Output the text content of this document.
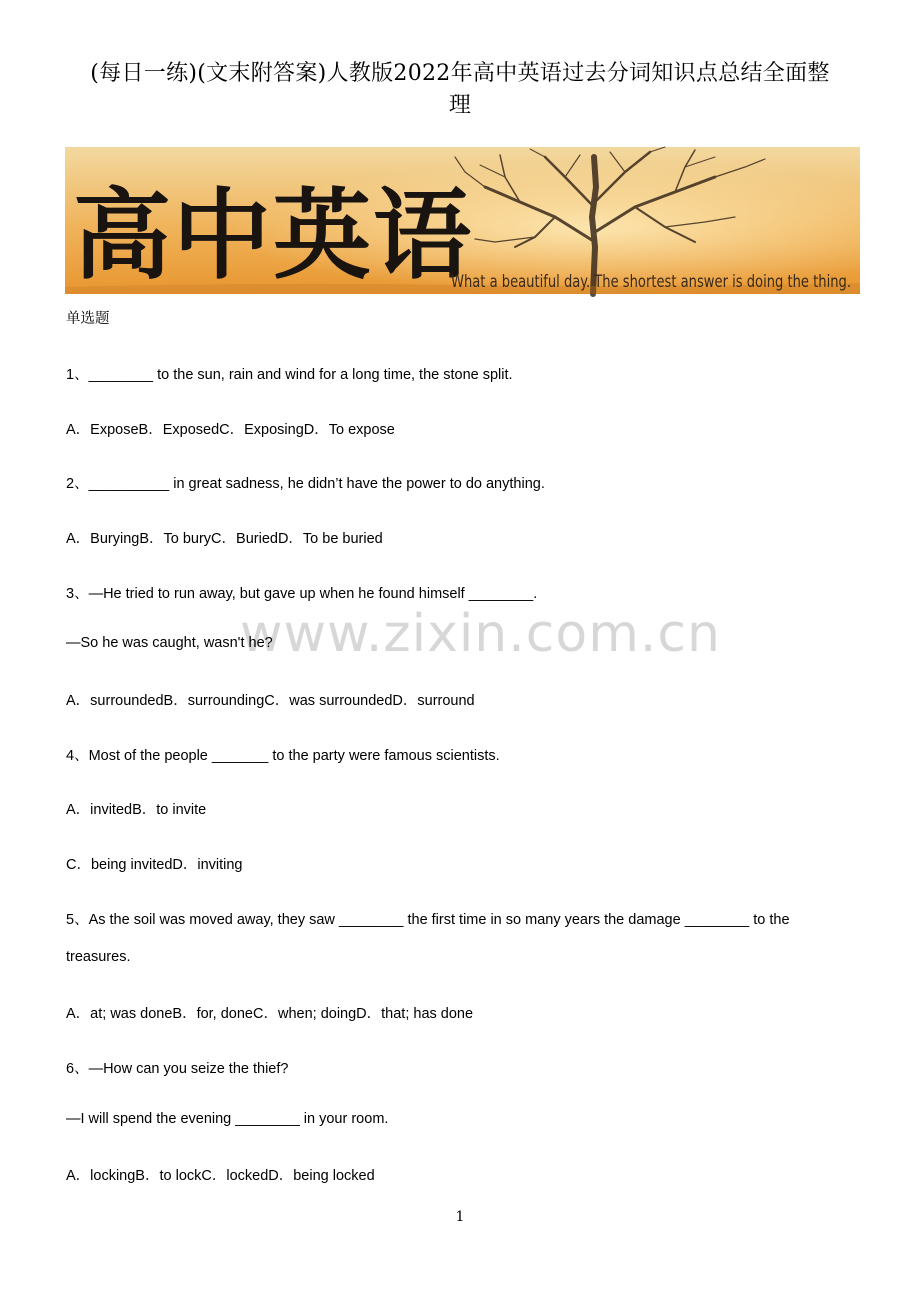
(每日一练)(文末附答案)人教版2022年高中英语过去分词知识点总结全面整
理
高中英语
What a beautiful day. The shortest answer is doing the thing.
单选题
www.zixin.com.cn
1、________ to the sun, rain and wind for a long time, the stone split.
A．ExposeB．ExposedC．ExposingD．To expose
2、__________ in great sadness, he didn’t have the power to do anything.
A．BuryingB．To buryC．BuriedD．To be buried
3、—He tried to run away, but gave up when he found himself ________.
—So he was caught, wasn't he?
A．surroundedB．surroundingC．was surroundedD．surround
4、Most of the people _______ to the party were famous scientists.
A．invitedB．to invite
C．being invitedD．inviting
5、As the soil was moved away, they saw ________ the first time in so many years the damage ________ to the
treasures.
A．at; was doneB．for, doneC．when; doingD．that; has done
6、—How can you seize the thief?
—I will spend the evening ________ in your room.
A．lockingB．to lockC．lockedD．being locked
1
